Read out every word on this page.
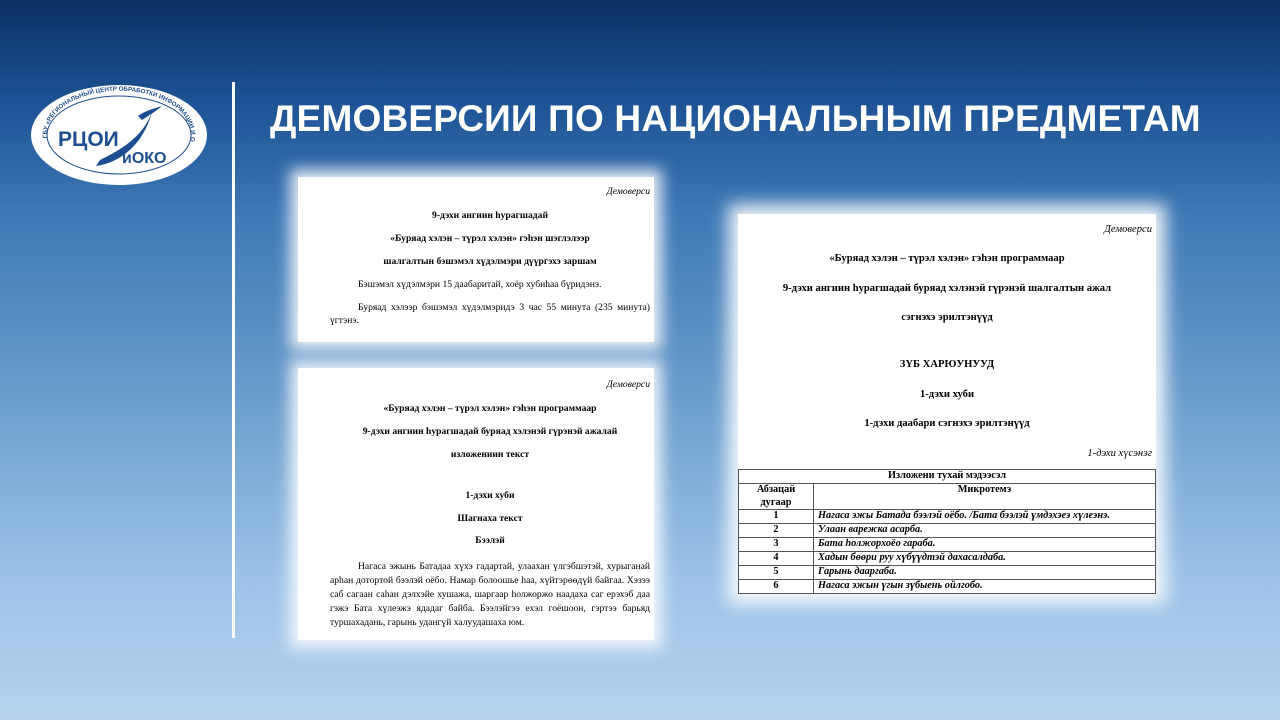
ГБУ «РЕГИОНАЛЬНЫЙ ЦЕНТР ОБРАБОТКИ ИНФОРМАЦИИ И О
РЦОИ
иОКО
ДЕМОВЕРСИИ ПО НАЦИОНАЛЬНЫМ ПРЕДМЕТАМ

Демоверси

9-дэхи ангиин һурагшадай

«Буряад хэлэн – түрэл хэлэн» гэһэн шэглэлээр

шалгалтын бэшэмэл хүдэлмэри дүүргэхэ заршам

Бэшэмэл хүдэлмэри 15 даабаритай, хоёр хубиһаа бүридэнэ.

Буряад хэлээр бэшэмэл хүдэлмэридэ 3 час 55 минута (235 минута) үгтэнэ.

Демоверси

«Буряад хэлэн – түрэл хэлэн» гэһэн программаар

9-дэхи ангиин һурагшадай буряад хэлэнэй гүрэнэй ажалай

изложениин текст

1-дэхи хуби

Шагнаха текст

Бээлэй

Нагаса эжынь Батадаа хүхэ гадартай, улаахан үлгэбшэтэй, хурыганай арһан дотортой бээлэй оёбо. Намар болоошье һаа, хүйтэрөөдүй байгаа. Хэзээ саб сагаан саһан дэлхэйе хушажа, шаргаар һолжоржо наадаха саг ерэхэб даа гэжэ Бата хүлеэжэ ядадаг байба. Бээлэйгээ ехэл гоёшоон, гэртээ барьяд туршахадань, гарынь удангүй халуудашаха юм.

Демоверси

«Буряад хэлэн – түрэл хэлэн» гэһэн программаар

9-дэхи ангиин һурагшадай буряад хэлэнэй гүрэнэй шалгалтын ажал

сэгнэхэ эрилтэнүүд

ЗҮБ ХАРЮУНУУД

1-дэхи хуби

1-дэхи даабари сэгнэхэ эрилтэнүүд

1-дэхи хүсэнэг

Изложени тухай мэдээсэл	
Абзацай дугаар	Микротемэ
1	Нагаса эжы Батада бээлэй оёбо. /Бата бээлэй үмдэхэеэ хүлеэнэ.
2	Улаан варежка асарба.
3	Бата һолжорхоёо гараба.
4	Хадын бөөри руу хүбүүдтэй дахасалдаба.
5	Гарынь дааргаба.
6	Нагаса эжын үгын зүбыень ойлгобо.
